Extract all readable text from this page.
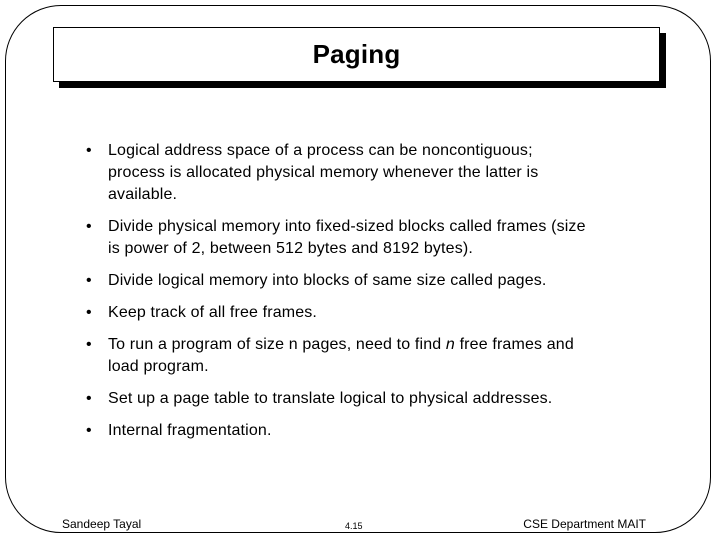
Paging
• Logical address space of a process can be noncontiguous;
process is allocated physical memory whenever the latter is
available.
• Divide physical memory into fixed-sized blocks called frames (size
is power of 2, between 512 bytes and 8192 bytes).
• Divide logical memory into blocks of same size called pages.
• Keep track of all free frames.
• To run a program of size n pages, need to find n free frames and
load program.
• Set up a page table to translate logical to physical addresses.
• Internal fragmentation.
Sandeep Tayal	4.15	CSE Department MAIT
